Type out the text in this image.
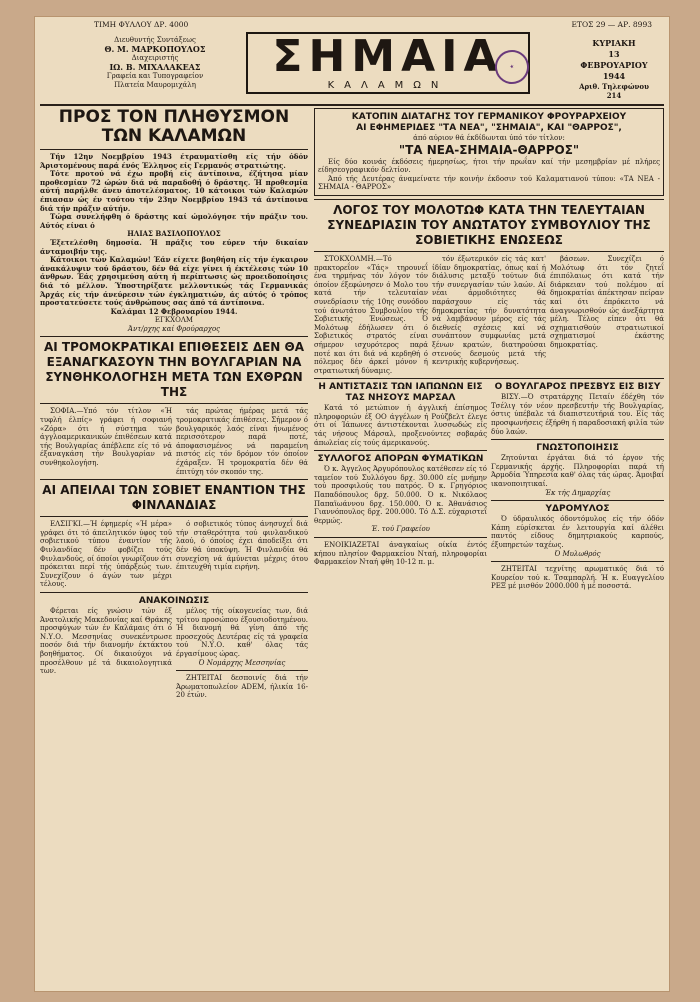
ΤΙΜΗ ΦΥΛΛΟΥ ΔΡ. 4000	ΕΤΟΣ 29 — ΑΡ. 8993
Διευθυντής Συντάξεως
Θ. Μ. ΜΑΡΚΟΠΟΥΛΟΣ
Διαχειριστής
ΙΩ. Β. ΜΙΧΑΛΑΚΕΑΣ
Γραφεία και Τυπογραφείον
Πλατεία Μαυρομιχάλη
ΣΗΜΑΙΑ
ΚΑΛΑΜΩΝ
★
ΚΥΡΙΑΚΗ
13
ΦΕΒΡΟΥΑΡΙΟΥ
1944
Αριθ. Τηλεφώνου 214
ΠΡΟΣ ΤΟΝ ΠΛΗΘΥΣΜΟΝ ΤΩΝ ΚΑΛΑΜΩΝ

Τήν 12ην Νοεμβρίου 1943 έτραυματίσθη είς τήν όδόν Άριστομένους παρά ένός Έλληνος είς Γερμανός στρατιώτης.

Τότε προτού νά έχω προβή είς άντίποινα, έζήτησα μίαν προθεσμίαν 72 ώρών διά νά παραδοθή ό δράστης. Ή προθεσμία αύτή παρήλθε άνευ άποτελέσματος. 10 κάτοικοι τών Καλαμών έπιασαν ώς έν τούτου τήν 23ην Νοεμβρίου 1943 τά άντίποινα διά τήν πράξιν αύτήν.

Τώρα συνελήφθη ό δράστης καί ώμολόγησε τήν πράξιν του. Αύτός είναι ό

ΗΛΙΑΣ ΒΑΣΙΛΟΠΟΥΛΟΣ

Έξετελέσθη δημοσία. Ή πράξις του εύρεν τήν δικαίαν άνταμοιβήν της.

Κάτοικοι τών Καλαμών! Έάν είχετε βοηθήση είς τήν έγκαιρον άνακάλυψιν τού δράστου, δέν θά είχε γίνει ή έκτέλεσις τών 10 άνθρων. Έάς χρησιμεύση αύτη ή περίπτωσις ώς προειδοποίησις διά τό μέλλον. Ύποστηρίξατε μελλοντικώς τάς Γερμανικάς Άρχάς είς τήν άνεύρεσιν τών έγκληματιών, άς αύτός ό τρόπος προστατεύσετε τούς άνθρώπους σας άπό τά άντίποινα.

Καλάμαι 12 Φεβρουαρίου 1944.

ΕΓΚΧΟΛΜ

Άντ/ρχης καί Φρούραρχος

ΑΙ ΤΡΟΜΟΚΡΑΤΙΚΑΙ ΕΠΙΘΕΣΕΙΣ ΔΕΝ ΘΑ ΕΞΑΝΑΓΚΑΣΟΥΝ ΤΗΝ ΒΟΥΛΓΑΡΙΑΝ ΝΑ ΣΥΝΘΗΚΟΛΟΓΗΣΗ ΜΕΤΑ ΤΩΝ ΕΧΘΡΩΝ ΤΗΣ

ΣΟΦΙΑ.—Υπό τόν τίτλον «Ή τυφλή έλπίς» γράφει ή σοφιανή «Ζόρα» ότι ή σύστημα τών άγγλοαμερικανικών έπιθέσεων κατά τής Βουλγαρίας άπέβλεπε είς τό νά έξαναγκάση τήν Βουλγαρίαν νά συνθηκολογήση.

τάς πρώτας ήμέρας μετά τάς τρομοκρατικάς έπιθέσεις. Σήμερον ό βουλγαρικός λαός είναι ήνωμένος περισσότερον παρά ποτέ, άποφασισμένος νά παραμείνη πιστός είς τόν δρόμον τόν όποίον έχάραξεν. Ή τρομοκρατία δέν θά έπιτύχη τόν σκοπόν της.

ΑΙ ΑΠΕΙΛΑΙ ΤΩΝ ΣΟΒΙΕΤ ΕΝΑΝΤΙΟΝ ΤΗΣ ΦΙΝΛΑΝΔΙΑΣ

ΕΛΣΙΓΚΙ.—Ή έφημερίς «Ή μέρα» γράφει ότι τό άπειλητικόν ύφος τού σοβιετικού τύπου έναντίον τής Φινλανδίας δέν φοβίζει τούς Φινλανδούς, οί όποίοι γνωρίζουν ότι πρόκειται περί τής ύπάρξεώς των. Συνεχίζουν ό άγών των μέχρι τέλους.

ό σοβιετικός τύπος άνησυχεΐ διά τήν σταθερότητα τού φινλανδικού λαού, ό όποίος έχει άποδείξει ότι δέν θά ύποκύψη. Ή Φινλανδία θά συνεχίση νά άμύνεται μέχρις ότου έπιτευχθή τιμία ειρήνη.

ΑΝΑΚΟΙΝΩΣΙΣ

Φέρεται είς γνώσιν τών έξ Άνατολικής Μακεδονίας καί Θράκης προσφύγων τών έν Καλάμαις ότι ό Ν.Υ.Ο. Μεσσηνίας συνεκέντρωσε ποσόν διά τήν διανομήν έκτάκτου βοηθήματος. Οί δικαιούχοι νά προσέλθουν μέ τά δικαιολογητικά των.

μέλος τής οίκογενείας των, διά τρίτου προσώπου έξουσιοδοτημένου. Ή διανομή θά γίνη άπό τής προσεχούς Δευτέρας είς τά γραφεία τού Ν.Υ.Ο. καθ' όλας τάς έργασίμους ώρας.

Ό Νομάρχης Μεσσηνίας

ΖΗΤΕΙΤΑΙ δεσποινίς διά τήν Άρωματοπωλείον ADEM, ήλικία 16-20 έτών.

ΚΑΤΟΠΙΝ ΔΙΑΤΑΓΗΣ ΤΟΥ ΓΕΡΜΑΝΙΚΟΥ ΦΡΟΥΡΑΡΧΕΙΟΥ
ΑΙ ΕΦΗΜΕΡΙΔΕΣ "ΤΑ ΝΕΑ", "ΣΗΜΑΙΑ", ΚΑΙ "ΘΑΡΡΟΣ",

άπό αύριον θά έκδίδωνται ύπό τόν τίτλον:

"ΤΑ ΝΕΑ-ΣΗΜΑΙΑ-ΘΑΡΡΟΣ"

Είς δύο κοινάς έκδόσεις ήμερησίως, ήτοι τήν πρωΐαν καί τήν μεσημβρίαν μέ πλήρες είδησεογραφικόν δελτίον.

Άπό τής Δευτέρας άναμείνατε τήν κοινήν έκδοσιν τού Καλαματιανού τύπου: «ΤΑ ΝΕΑ - ΣΗΜΑΙΑ - ΘΑΡΡΟΣ»

ΛΟΓΟΣ ΤΟΥ ΜΟΛΟΤΩΦ ΚΑΤΑ ΤΗΝ ΤΕΛΕΥΤΑΙΑΝ ΣΥΝΕΔΡΙΑΣΙΝ ΤΟΥ ΑΝΩΤΑΤΟΥ ΣΥΜΒΟΥΛΙΟΥ ΤΗΣ ΣΟΒΙΕΤΙΚΗΣ ΕΝΩΣΕΩΣ

ΣΤΟΚΧΟΛΜΗ.—Τό πρακτορεΐον «Τάς» τηρουνεΐ ένα τηρμήνας τόν λόγον τόν όποίον έξεφώνησεν ό Μολο του κατά τήν τελευταίαν συνεδρίασιν τής 10ης συνόδου τού άνωτάτου Συμβουλίου τής Σοβιετικής Ένώσεως. Ό Μολότωφ έδήλωσεν ότι ό Σοβιετικός στρατός είναι σήμερον ισχυρότερος παρά ποτέ και ότι διά νά κερδηθή ό πόλεμος δέν άρκεί μόνον ή στρατιωτική δύναμις.

τόν έξωτερικόν είς τάς κατ' ίδίαν δημοκρατίας, όπως καί ή διάλυσις μεταξύ τούτων διά τήν συνεργασίαν τών λαών. Αί νέαι άρμοδιότητες θά παράσχουν είς τάς δημοκρατίας τήν δυνατότητα νά λαμβάνουν μέρος είς τάς διεθνείς σχέσεις καί νά συνάπτουν συμφωνίας μετά ξένων κρατών, διατηρούσαι στενούς δεσμούς μετά τής κεντρικής κυβερνήσεως.

βάσεων. Συνεχίζει ό Μολότωφ ότι τόν ζητεΐ έπιπόλαιως ότι κατά τήν διάρκειαν τού πολέμου αί δημοκρατίαι άπέκτησαν πείραν καί ότι έπρόκειτο νά άναγνωρισθούν ώς άνεξάρτητα μέλη. Τέλος είπεν ότι θά σχηματισθούν στρατιωτικοί σχηματισμοί έκάστης δημοκρατίας.

Η ΑΝΤΙΣΤΑΣΙΣ ΤΩΝ ΙΑΠΩΝΩΝ ΕΙΣ ΤΑΣ ΝΗΣΟΥΣ ΜΑΡΣΑΛ

Κατά τό μετώπιον ή άγγλική έπίσημος πληροφοριών έξ ΟΟ άγγέλων ή Ρούζβελτ έλεγε ότι οί Ίάπωνες άντιστέκονται λυσσωδώς είς τάς νήσους Μάρσαλ, προξενούντες σοβαράς άπωλείας είς τούς άμερικανούς.

ΣΥΛΛΟΓΟΣ ΑΠΟΡΩΝ ΦΥΜΑΤΙΚΩΝ

Ό κ. Άγγελος Άργυρόπουλος κατέθεσεν είς τό ταμείον τού Συλλόγου δρχ. 30.000 είς μνήμην τού προσφιλούς του πατρός. Ό κ. Γρηγόριος Παπαδόπουλος δρχ. 50.000. Ό κ. Νικόλαος Παπαϊωάννου δρχ. 150.000. Ό κ. Άθανάσιος Γιαννόπουλος δρχ. 200.000. Τό Δ.Σ. εύχαριστεΐ θερμώς.

Έ. τού Γραφείου

ΕΝΟΙΚΙΑΖΕΤΑΙ άναγκαίως οίκία έντός κήπου πλησίον Φαρμακείου Νταή, πληροφορίαι Φαρμακείον Νταή φθη 10-12 π. μ.

Ο ΒΟΥΛΓΑΡΟΣ ΠΡΕΣΒΥΣ ΕΙΣ ΒΙΣΥ

ΒΙΣΥ.—Ό στρατάρχης Πεταίν έδέχθη τόν Τσέλιγ τόν νέον πρεσβευτήν τής Βουλγαρίας, όστις ύπέβαλε τά διαπιστευτήριά του. Είς τάς προσφωνήσεις έξήρθη ή παραδοσιακή φιλία τών δύο λαών.

ΓΝΩΣΤΟΠΟΙΗΣΙΣ

Ζητούνται έργάται διά τό έργον τής Γερμανικής άρχής. Πληροφορίαι παρά τή Άρμοδία Ύπηρεσία καθ' όλας τάς ώρας. Άμοιβαί ικανοποιητικαί.

Έκ τής Δημαρχίας

ΥΔΡΟΜΥΛΟΣ

Ό ύδραυλικός όδοντόμυλος είς τήν όδόν Κάπη εύρίσκεται έν λειτουργία καί άλέθει παντός είδους δημητριακούς καρπούς, έξυπηρετών ταχέως.

Ό Μυλωθρός

ΖΗΤΕΙΤΑΙ τεχνίτης αρωματικός διά τό Κουρείον τού κ. Τσαμπαρλή. Ή κ. Ευαγγελίου ΡΕΞ μέ μισθόν 2000.000 ή μέ ποσοστά.
